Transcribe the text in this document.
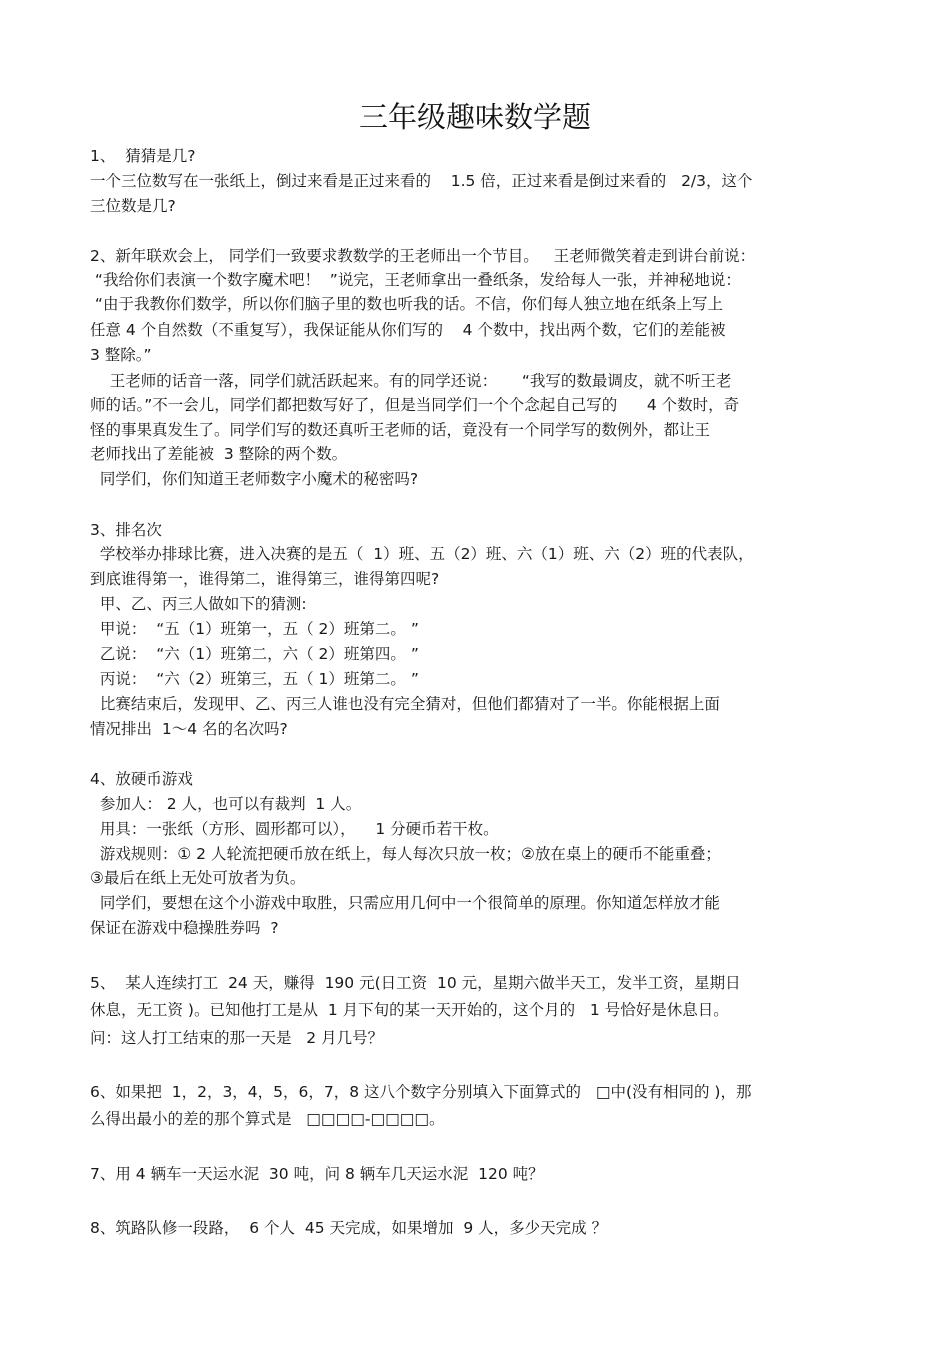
三年级趣味数学题
1、  猜猜是几?
一个三位数写在一张纸上，倒过来看是正过来看的    1.5 倍，正过来看是倒过来看的   2/3，这个
三位数是几?
2、新年联欢会上， 同学们一致要求教数学的王老师出一个节目。   王老师微笑着走到讲台前说：
“我给你们表演一个数字魔术吧！  ”说完，王老师拿出一叠纸条，发给每人一张，并神秘地说：
“由于我教你们数学，所以你们脑子里的数也听我的话。不信，你们每人独立地在纸条上写上
任意 4 个自然数（不重复写），我保证能从你们写的    4 个数中，找出两个数，它们的差能被
3 整除。”
王老师的话音一落，同学们就活跃起来。有的同学还说：     “我写的数最调皮，就不听王老
师的话。”不一会儿，同学们都把数写好了，但是当同学们一个个念起自己写的      4 个数时，奇
怪的事果真发生了。同学们写的数还真听王老师的话，竟没有一个同学写的数例外，都让王
老师找出了差能被  3 整除的两个数。
同学们，你们知道王老师数字小魔术的秘密吗?
3、排名次
学校举办排球比赛，进入决赛的是五（  1）班、五（2）班、六（1）班、六（2）班的代表队，
到底谁得第一，谁得第二，谁得第三，谁得第四呢?
甲、乙、丙三人做如下的猜测:
甲说：  “五（1）班第一，五（ 2）班第二。 ”
乙说：  “六（1）班第二，六（ 2）班第四。 ”
丙说：  “六（2）班第三，五（ 1）班第二。 ”
比赛结束后，发现甲、乙、丙三人谁也没有完全猜对，但他们都猜对了一半。你能根据上面
情况排出  1～4 名的名次吗?
4、放硬币游戏
参加人： 2 人，也可以有裁判  1 人。
用具：一张纸（方形、圆形都可以），    1 分硬币若干枚。
游戏规则：① 2 人轮流把硬币放在纸上，每人每次只放一枚；②放在桌上的硬币不能重叠；
③最后在纸上无处可放者为负。
同学们，要想在这个小游戏中取胜，只需应用几何中一个很简单的原理。你知道怎样放才能
保证在游戏中稳操胜券吗  ?
5、  某人连续打工  24 天，赚得  190 元(日工资  10 元，星期六做半天工，发半工资，星期日
休息，无工资 )。已知他打工是从  1 月下旬的某一天开始的，这个月的   1 号恰好是休息日。
问：这人打工结束的那一天是   2 月几号？
6、如果把  1，2，3，4，5，6，7，8 这八个数字分别填入下面算式的   □中(没有相同的 )，那
么得出最小的差的那个算式是   □□□□-□□□□。
7、用 4 辆车一天运水泥  30 吨，问 8 辆车几天运水泥  120 吨？
8、筑路队修一段路，  6 个人  45 天完成，如果增加  9 人，多少天完成 ？
